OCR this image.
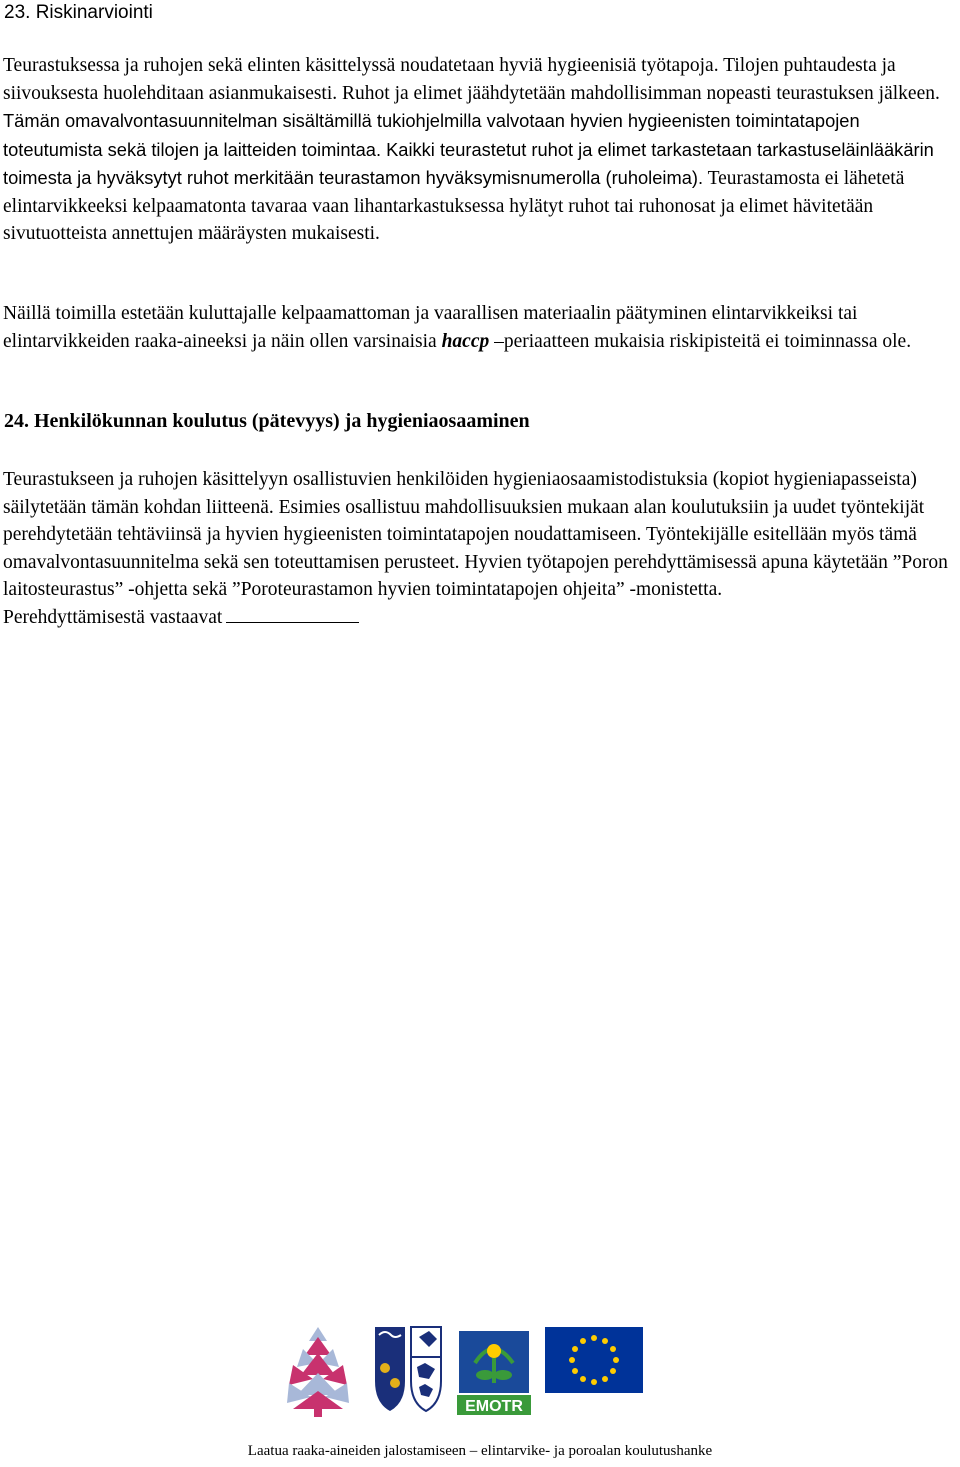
23. Riskinarviointi

Teurastuksessa ja ruhojen sekä elinten käsittelyssä noudatetaan hyviä hygieenisiä työtapoja. Tilojen puhtaudesta ja siivouksesta huolehditaan asianmukaisesti. Ruhot ja elimet jäähdytetään mahdollisimman nopeasti teurastuksen jälkeen. Tämän omavalvontasuunnitelman sisältämillä tukiohjelmilla valvotaan hyvien hygieenisten toimintatapojen toteutumista sekä tilojen ja laitteiden toimintaa. Kaikki teurastetut ruhot ja elimet tarkastetaan tarkastuseläinlääkärin toimesta ja hyväksytyt ruhot merkitään teurastamon hyväksymisnumerolla (ruholeima). Teurastamosta ei lähetetä elintarvikkeeksi kelpaamatonta tavaraa vaan lihantarkastuksessa hylätyt ruhot tai ruhonosat ja elimet hävitetään sivutuotteista annettujen määräysten mukaisesti.

Näillä toimilla estetään kuluttajalle kelpaamattoman ja vaarallisen materiaalin päätyminen elintarvikkeiksi tai elintarvikkeiden raaka-aineeksi ja näin ollen varsinaisia haccp –periaatteen mukaisia riskipisteitä ei toiminnassa ole.

24. Henkilökunnan koulutus (pätevyys) ja hygieniaosaaminen

Teurastukseen ja ruhojen käsittelyyn osallistuvien henkilöiden hygieniaosaamistodistuksia (kopiot hygieniapasseista) säilytetään tämän kohdan liitteenä. Esimies osallistuu mahdollisuuksien mukaan alan koulutuksiin ja uudet työntekijät perehdytetään tehtäviinsä ja hyvien hygieenisten toimintatapojen noudattamiseen. Työntekijälle esitellään myös tämä omavalvontasuunnitelma sekä sen toteuttamisen perusteet. Hyvien työtapojen perehdyttämisessä apuna käytetään ”Poron laitosteurastus” -ohjetta sekä ”Poroteurastamon hyvien toimintatapojen ohjeita” -monistetta.
Perehdyttämisestä vastaavat

EMOTR

Laatua raaka-aineiden jalostamiseen – elintarvike- ja poroalan koulutushanke
